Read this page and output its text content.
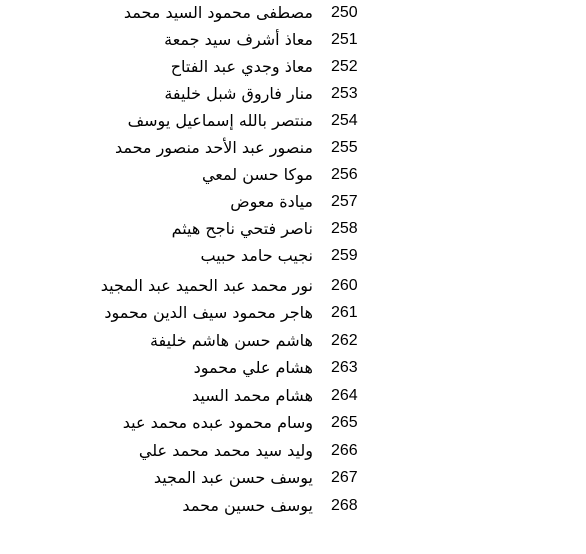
مصطفى محمود السيد محمد 250
معاذ أشرف سيد جمعة 251
معاذ وجدي عبد الفتاح 252
منار فاروق شبل خليفة 253
منتصر بالله إسماعيل يوسف 254
منصور عبد الأحد منصور محمد 255
موكا حسن لمعي 256
ميادة معوض 257
ناصر فتحي ناجح هيثم 258
نجيب حامد حبيب 259
نور محمد عبد الحميد عبد المجيد 260
هاجر محمود سيف الدين محمود 261
هاشم حسن هاشم خليفة 262
هشام علي محمود 263
هشام محمد السيد 264
وسام محمود عبده محمد عيد 265
وليد سيد محمد محمد علي 266
يوسف حسن عبد المجيد 267
يوسف حسين محمد 268
